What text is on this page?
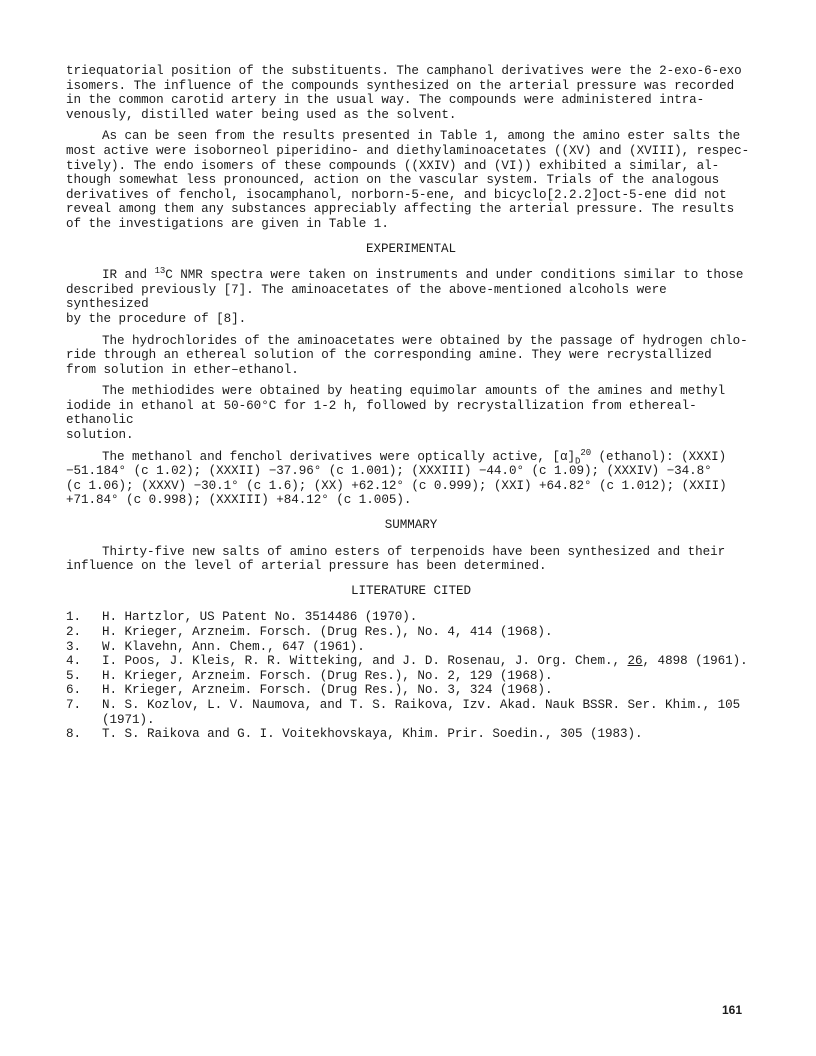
triequatorial position of the substituents. The camphanol derivatives were the 2-exo-6-exo
isomers. The influence of the compounds synthesized on the arterial pressure was recorded
in the common carotid artery in the usual way. The compounds were administered intra-
venously, distilled water being used as the solvent.

As can be seen from the results presented in Table 1, among the amino ester salts the
most active were isoborneol piperidino- and diethylaminoacetates ((XV) and (XVIII), respec-
tively). The endo isomers of these compounds ((XXIV) and (VI)) exhibited a similar, al-
though somewhat less pronounced, action on the vascular system. Trials of the analogous
derivatives of fenchol, isocamphanol, norborn-5-ene, and bicyclo[2.2.2]oct-5-ene did not
reveal among them any substances appreciably affecting the arterial pressure. The results
of the investigations are given in Table 1.

EXPERIMENTAL

IR and $^{13}$C NMR spectra were taken on instruments and under conditions similar to those
described previously [7]. The aminoacetates of the above-mentioned alcohols were synthesized
by the procedure of [8].

The hydrochlorides of the aminoacetates were obtained by the passage of hydrogen chlo-
ride through an ethereal solution of the corresponding amine. They were recrystallized
from solution in ether–ethanol.

The methiodides were obtained by heating equimolar amounts of the amines and methyl
iodide in ethanol at 50-60°C for 1-2 h, followed by recrystallization from ethereal-ethanolic
solution.

The methanol and fenchol derivatives were optically active, $[\alpha]_D^{20}$ (ethanol): (XXXI)
−51.184° (c 1.02); (XXXII) −37.96° (c 1.001); (XXXIII) −44.0° (c 1.09); (XXXIV) −34.8°
(c 1.06); (XXXV) −30.1° (c 1.6); (XX) +62.12° (c 0.999); (XXI) +64.82° (c 1.012); (XXII)
+71.84° (c 0.998); (XXXIII) +84.12° (c 1.005).

SUMMARY

Thirty-five new salts of amino esters of terpenoids have been synthesized and their
influence on the level of arterial pressure has been determined.

LITERATURE CITED
1.	H. Hartzlor, US Patent No. 3514486 (1970).
2.	H. Krieger, Arzneim. Forsch. (Drug Res.), No. 4, 414 (1968).
3.	W. Klavehn, Ann. Chem., 647 (1961).
4.	I. Poos, J. Kleis, R. R. Witteking, and J. D. Rosenau, J. Org. Chem., 26, 4898 (1961).
5.	H. Krieger, Arzneim. Forsch. (Drug Res.), No. 2, 129 (1968).
6.	H. Krieger, Arzneim. Forsch. (Drug Res.), No. 3, 324 (1968).
7.	N. S. Kozlov, L. V. Naumova, and T. S. Raikova, Izv. Akad. Nauk BSSR. Ser. Khim., 105
(1971).
8.	T. S. Raikova and G. I. Voitekhovskaya, Khim. Prir. Soedin., 305 (1983).
161
